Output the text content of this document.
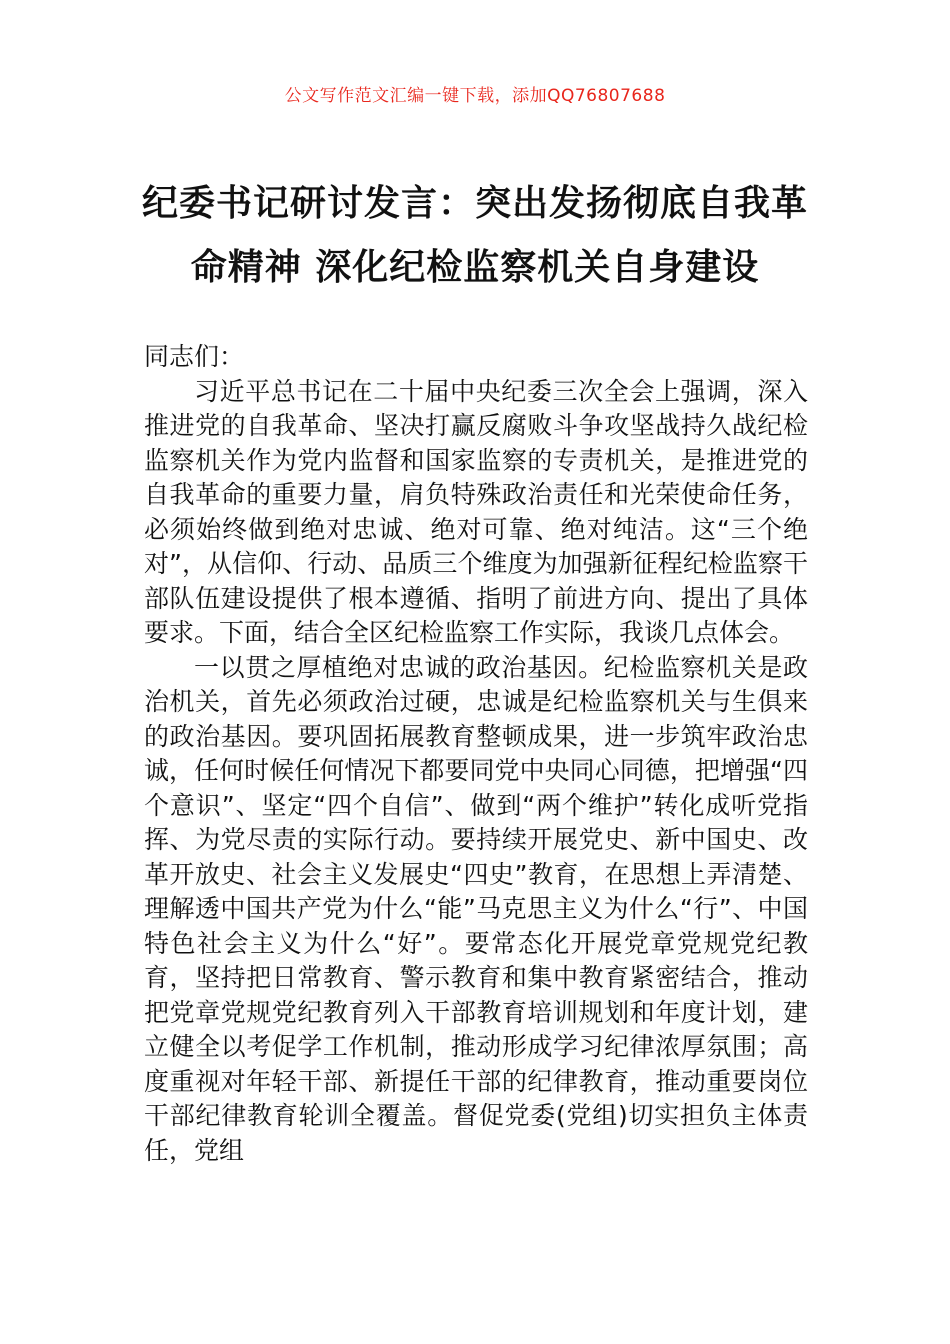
公文写作范文汇编一键下载，添加QQ76807688
纪委书记研讨发言：突出发扬彻底自我革
命精神 深化纪检监察机关自身建设

同志们：

习近平总书记在二十届中央纪委三次全会上强调，深入推进党的自我革命、坚决打赢反腐败斗争攻坚战持久战纪检监察机关作为党内监督和国家监察的专责机关，是推进党的自我革命的重要力量，肩负特殊政治责任和光荣使命任务，必须始终做到绝对忠诚、绝对可靠、绝对纯洁。这“三个绝对”，从信仰、行动、品质三个维度为加强新征程纪检监察干部队伍建设提供了根本遵循、指明了前进方向、提出了具体要求。下面，结合全区纪检监察工作实际，我谈几点体会。

一以贯之厚植绝对忠诚的政治基因。纪检监察机关是政治机关，首先必须政治过硬，忠诚是纪检监察机关与生俱来的政治基因。要巩固拓展教育整顿成果，进一步筑牢政治忠诚，任何时候任何情况下都要同党中央同心同德，把增强“四个意识”、坚定“四个自信”、做到“两个维护”转化成听党指挥、为党尽责的实际行动。要持续开展党史、新中国史、改革开放史、社会主义发展史“四史”教育，在思想上弄清楚、理解透中国共产党为什么“能”马克思主义为什么“行”、中国特色社会主义为什么“好”。要常态化开展党章党规党纪教育，坚持把日常教育、警示教育和集中教育紧密结合，推动把党章党规党纪教育列入干部教育培训规划和年度计划，建立健全以考促学工作机制，推动形成学习纪律浓厚氛围；高度重视对年轻干部、新提任干部的纪律教育，推动重要岗位干部纪律教育轮训全覆盖。督促党委(党组)切实担负主体责任，党组
